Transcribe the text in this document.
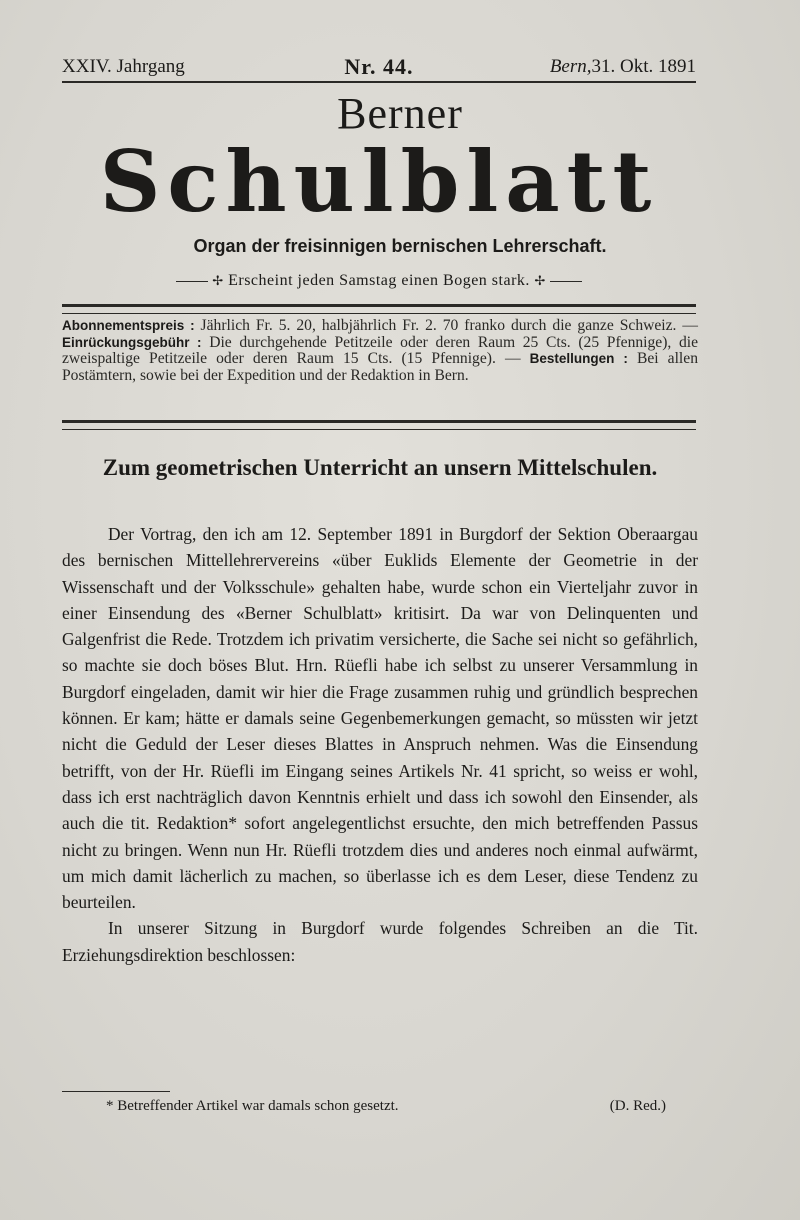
XXIV. Jahrgang	Nr. 44.	Bern,31. Okt. 1891
Berner
Schulblatt
Organ der freisinnigen bernischen Lehrerschaft.
✢ Erscheint jeden Samstag einen Bogen stark. ✢
Abonnementspreis : Jährlich Fr. 5. 20, halbjährlich Fr. 2. 70 franko durch die ganze Schweiz. — Einrückungsgebühr : Die durchgehende Petitzeile oder deren Raum 25 Cts. (25 Pfennige), die zweispaltige Petitzeile oder deren Raum 15 Cts. (15 Pfennige). — Bestellungen : Bei allen Postämtern, sowie bei der Expedition und der Redaktion in Bern.
Zum geometrischen Unterricht an unsern Mittelschulen.

Der Vortrag, den ich am 12. September 1891 in Burgdorf der Sektion Oberaargau des bernischen Mittellehrervereins «über Euklids Elemente der Geometrie in der Wissenschaft und der Volksschule» gehalten habe, wurde schon ein Vierteljahr zuvor in einer Einsendung des «Berner Schulblatt» kritisirt. Da war von Delinquenten und Galgenfrist die Rede. Trotzdem ich privatim versicherte, die Sache sei nicht so gefährlich, so machte sie doch böses Blut. Hrn. Rüefli habe ich selbst zu unserer Versammlung in Burgdorf eingeladen, damit wir hier die Frage zusammen ruhig und gründlich besprechen können. Er kam; hätte er damals seine Gegenbemerkungen gemacht, so müssten wir jetzt nicht die Geduld der Leser dieses Blattes in Anspruch nehmen. Was die Einsendung betrifft, von der Hr. Rüefli im Eingang seines Artikels Nr. 41 spricht, so weiss er wohl, dass ich erst nachträglich davon Kenntnis erhielt und dass ich sowohl den Einsender, als auch die tit. Redaktion* sofort angelegentlichst ersuchte, den mich betreffenden Passus nicht zu bringen. Wenn nun Hr. Rüefli trotzdem dies und anderes noch einmal aufwärmt, um mich damit lächerlich zu machen, so überlasse ich es dem Leser, diese Tendenz zu beurteilen.

In unserer Sitzung in Burgdorf wurde folgendes Schreiben an die Tit. Erziehungsdirektion beschlossen:

* Betreffender Artikel war damals schon gesetzt.	(D. Red.)
